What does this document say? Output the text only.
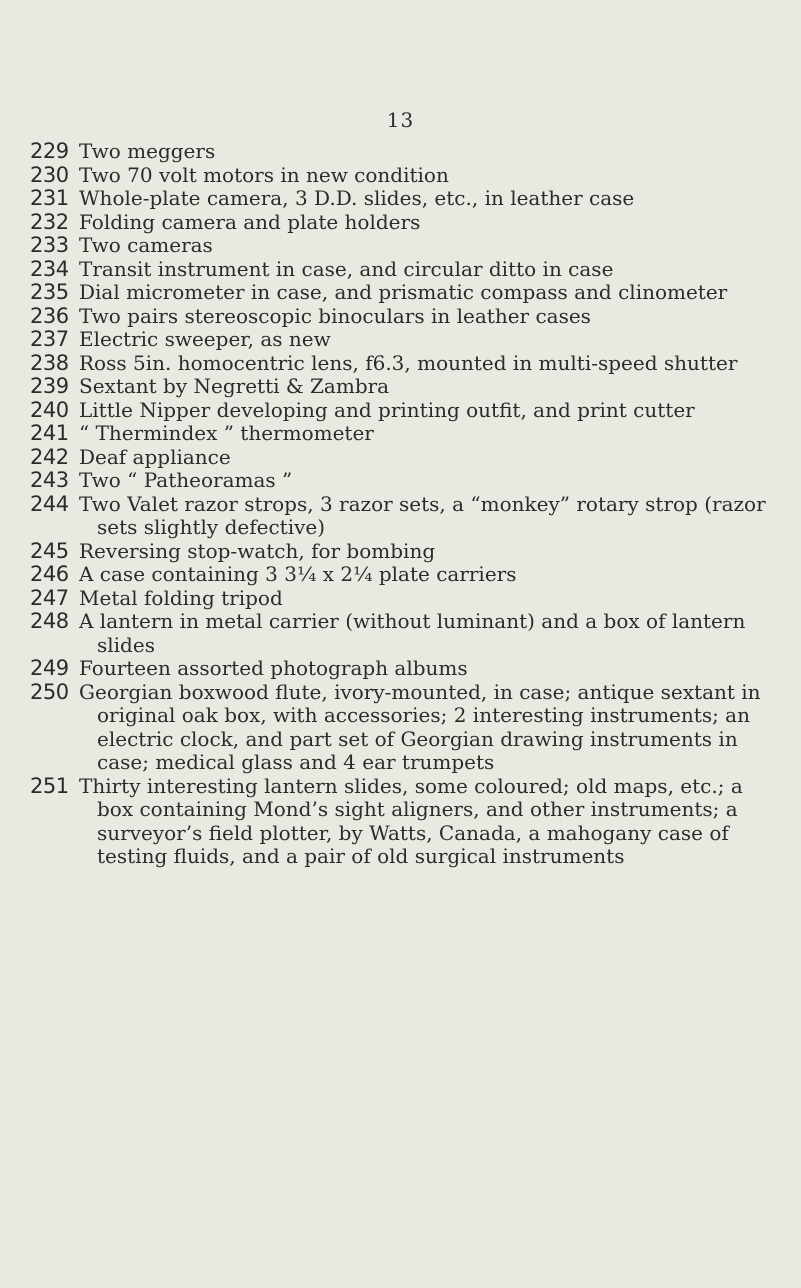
13
229 Two meggers
230 Two 70 volt motors in new condition
231 Whole-plate camera, 3 D.D. slides, etc., in leather case
232 Folding camera and plate holders
233 Two cameras
234 Transit instrument in case, and circular ditto in case
235 Dial micrometer in case, and prismatic compass and clinometer
236 Two pairs stereoscopic binoculars in leather cases
237 Electric sweeper, as new
238 Ross 5in. homocentric lens, f6.3, mounted in multi-speed shutter
239 Sextant by Negretti & Zambra
240 Little Nipper developing and printing outfit, and print cutter
241 “ Thermindex ” thermometer
242 Deaf appliance
243 Two “ Patheoramas ”
244 Two Valet razor strops, 3 razor sets, a “monkey” rotary strop (razor sets slightly defective)
245 Reversing stop-watch, for bombing
246 A case containing 3 3¼ x 2¼ plate carriers
247 Metal folding tripod
248 A lantern in metal carrier (without luminant) and a box of lantern slides
249 Fourteen assorted photograph albums
250 Georgian boxwood flute, ivory-mounted, in case; antique sextant in original oak box, with accessories; 2 interesting instruments; an electric clock, and part set of Georgian drawing instruments in case; medical glass and 4 ear trumpets
251 Thirty interesting lantern slides, some coloured; old maps, etc.; a box containing Mond’s sight aligners, and other instruments; a surveyor’s field plotter, by Watts, Canada, a mahogany case of testing fluids, and a pair of old surgical instruments
